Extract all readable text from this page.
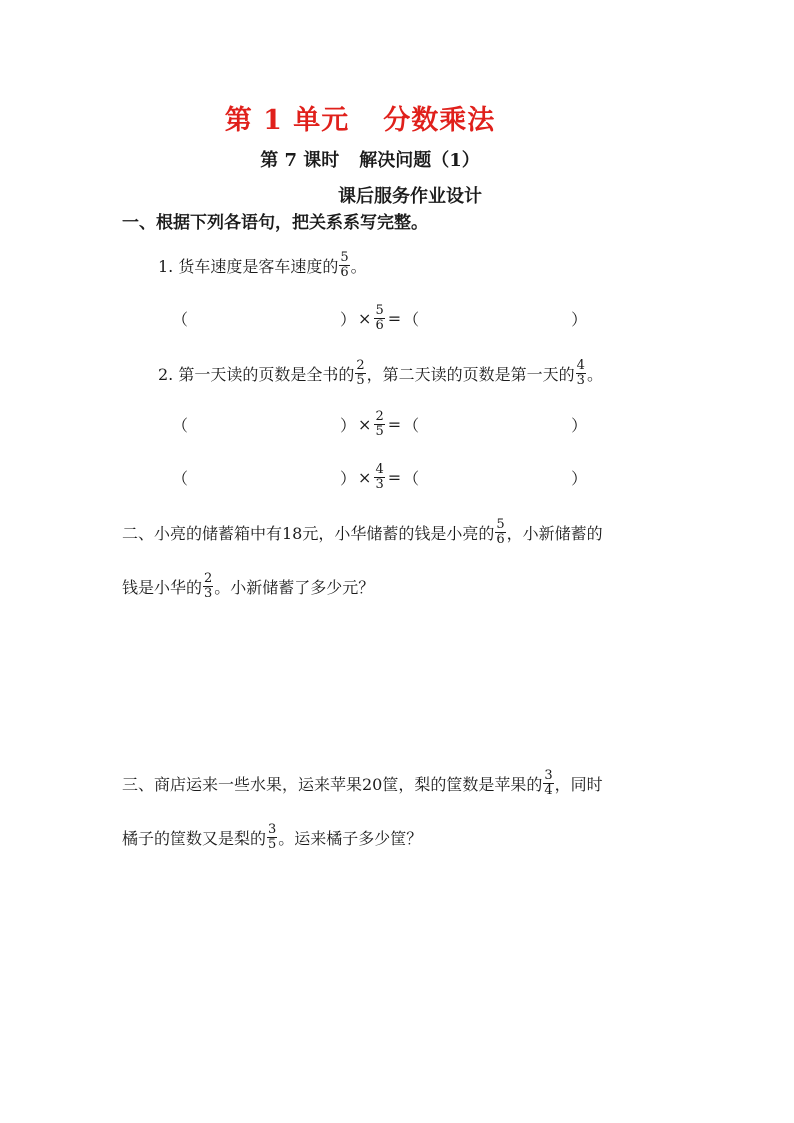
第 1 单元 分数乘法
第 7 课时 解决问题（1）
课后服务作业设计
一、根据下列各语句，把关系系写完整。
1. 货车速度是客车速度的 $\frac{5}{6}$ 。
（	） × $\frac{5}{6}$ = （	）
2. 第一天读的页数是全书的 $\frac{2}{5}$ ，第二天读的页数是第一天的 $\frac{4}{3}$ 。
（	） × $\frac{2}{5}$ = （	）
（	） × $\frac{4}{3}$ = （	）
二、小亮的储蓄箱中有18元，小华储蓄的钱是小亮的 $\frac{5}{6}$ ，小新储蓄的
钱是小华的 $\frac{2}{3}$ 。小新储蓄了多少元？
三、商店运来一些水果，运来苹果20筐，梨的筐数是苹果的 $\frac{3}{4}$ ，同时
橘子的筐数又是梨的 $\frac{3}{5}$ 。运来橘子多少筐？
